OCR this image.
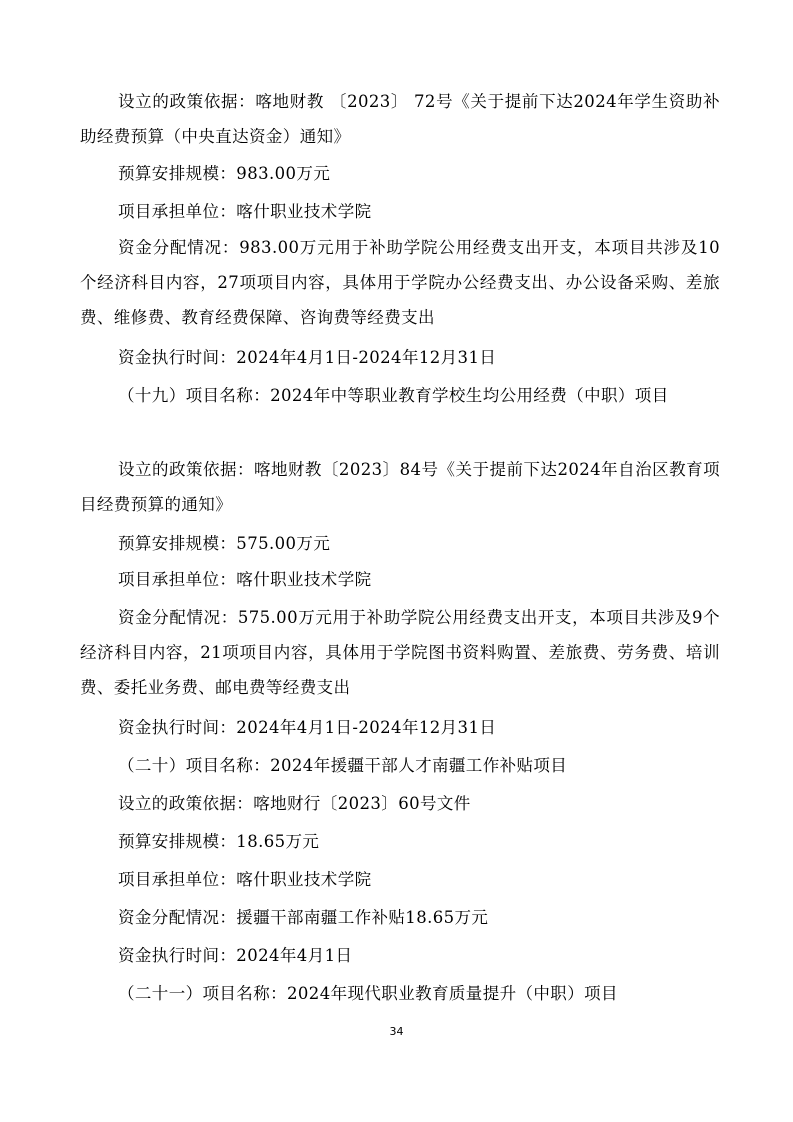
设立的政策依据：喀地财教 〔2023〕 72号《关于提前下达2024年学生资助补助经费预算（中央直达资金）通知》
预算安排规模：983.00万元
项目承担单位：喀什职业技术学院
资金分配情况：983.00万元用于补助学院公用经费支出开支，本项目共涉及10个经济科目内容，27项项目内容，具体用于学院办公经费支出、办公设备采购、差旅费、维修费、教育经费保障、咨询费等经费支出
资金执行时间：2024年4月1日-2024年12月31日
（十九）项目名称：2024年中等职业教育学校生均公用经费（中职）项目
设立的政策依据：喀地财教〔2023〕84号《关于提前下达2024年自治区教育项目经费预算的通知》
预算安排规模：575.00万元
项目承担单位：喀什职业技术学院
资金分配情况：575.00万元用于补助学院公用经费支出开支，本项目共涉及9个经济科目内容，21项项目内容，具体用于学院图书资料购置、差旅费、劳务费、培训费、委托业务费、邮电费等经费支出
资金执行时间：2024年4月1日-2024年12月31日
（二十）项目名称：2024年援疆干部人才南疆工作补贴项目
设立的政策依据：喀地财行〔2023〕60号文件
预算安排规模：18.65万元
项目承担单位：喀什职业技术学院
资金分配情况：援疆干部南疆工作补贴18.65万元
资金执行时间：2024年4月1日
（二十一）项目名称：2024年现代职业教育质量提升（中职）项目
34
